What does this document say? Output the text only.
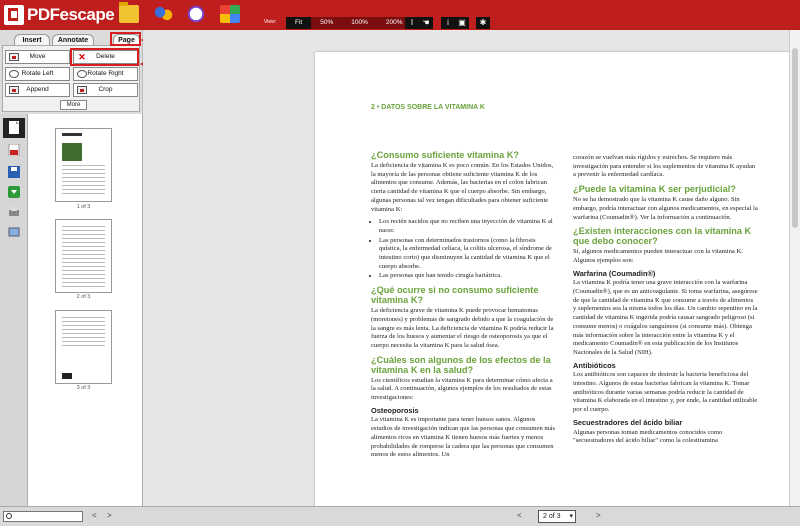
PDFescape	View:	Fit	50%	100%	200%	I	☚	i	▣	✱
Insert	Annotate	Page
Move	✕ Delete
Rotate Left	Rotate Right
Append	Crop
More
1 of 3
2 of 3
3 of 3
2 • DATOS SOBRE LA VITAMINA K
¿Consumo suficiente vitamina K?

La deficiencia de vitamina K es poco común. En los Estados Unidos, la mayoría de las personas obtiene suficiente vitamina K de los alimentos que consume. Además, las bacterias en el colon fabrican cierta cantidad de vitamina K que el cuerpo absorbe. Sin embargo, algunas personas tal vez tengan dificultades para obtener suficiente vitamina K:

• Los recién nacidos que no reciben una inyección de vitamina K al nacer.
• Las personas con determinados trastornos (como la fibrosis quística, la enfermedad celíaca, la colitis ulcerosa, el síndrome de intestino corto) que disminuyen la cantidad de vitamina K que el cuerpo absorbe.
• Las personas que han tenido cirugía bariátrica.
¿Qué ocurre si no consumo suficiente vitamina K?

La deficiencia grave de vitamina K puede provocar hematomas (moretones) y problemas de sangrado debido a que la coagulación de la sangre es más lenta. La deficiencia de vitamina K podría reducir la fuerza de los huesos y aumentar el riesgo de osteoporosis ya que el cuerpo necesita la vitamina K para la salud ósea.

¿Cuáles son algunos de los efectos de la vitamina K en la salud?

Los científicos estudian la vitamina K para determinar cómo afecta a la salud. A continuación, algunos ejemplos de los resultados de estas investigaciones:

Osteoporosis

La vitamina K es importante para tener huesos sanos. Algunos estudios de investigación indican que las personas que consumen más alimentos ricos en vitamina K tienen huesos más fuertes y menos probabilidades de romperse la cadera que las personas que consumen menos de estos alimentos. Un

corazón se vuelvan más rígidos y estrechos. Se requiere más investigación para entender si los suplementos de vitamina K ayudan a prevenir la enfermedad cardíaca.

¿Puede la vitamina K ser perjudicial?

No se ha demostrado que la vitamina K cause daño alguno. Sin embargo, podría interactuar con algunos medicamentos, en especial la warfarina (Coumadin®). Ver la información a continuación.

¿Existen interacciones con la vitamina K que debo conocer?

Sí, algunos medicamentos pueden interactuar con la vitamina K. Algunos ejemplos son:

Warfarina (Coumadin®)

La vitamina K podría tener una grave interacción con la warfarina (Coumadin®), que es un anticoagulante. Si toma warfarina, asegúrese de que la cantidad de vitamina K que consume a través de alimentos y suplementos sea la misma todos los días. Un cambio repentino en la cantidad de vitamina K ingerida podría causar sangrado peligroso (si consume menos) o coágulos sanguíneos (si consume más). Obtenga más información sobre la interacción entre la vitamina K y el medicamento Coumadin® en esta publicación de los Institutos Nacionales de la Salud (NIH).

Antibióticos

Los antibióticos son capaces de destruir la bacteria beneficiosa del intestino. Algunos de estas bacterias fabrican la vitamina K. Tomar antibióticos durante varias semanas podría reducir la cantidad de vitamina K elaborada en el intestino y, por ende, la cantidad utilizable por el cuerpo.

Secuestradores del ácido biliar

Algunas personas toman medicamentos conocidos como "secuestradores del ácido biliar" como la colestiramina

< >	<	2 of 3 ▾	>
